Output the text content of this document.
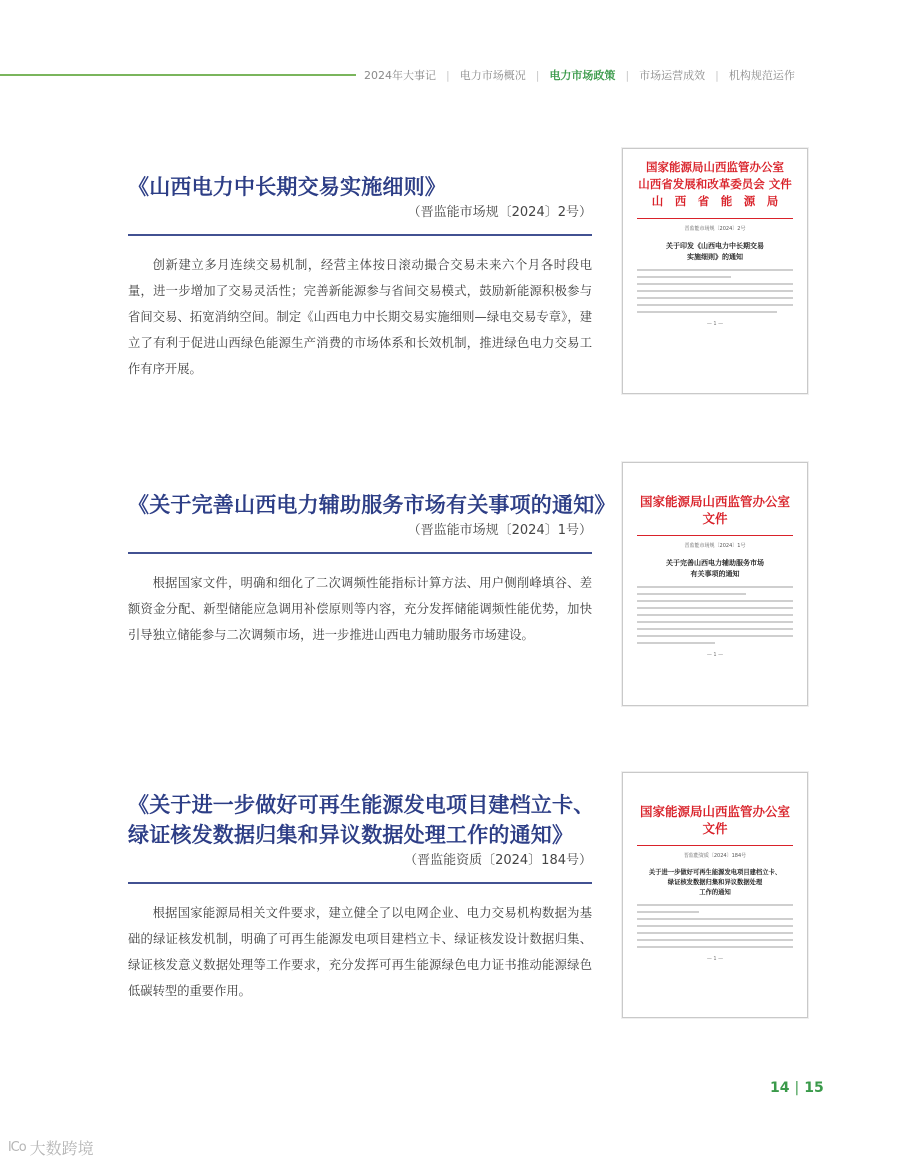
2024年大事记 | 电力市场概况 | 电力市场政策 | 市场运营成效 | 机构规范运作
《山西电力中长期交易实施细则》
（晋监能市场规〔2024〕2号）

创新建立多月连续交易机制，经营主体按日滚动撮合交易未来六个月各时段电量，进一步增加了交易灵活性；完善新能源参与省间交易模式，鼓励新能源积极参与省间交易、拓宽消纳空间。制定《山西电力中长期交易实施细则—绿电交易专章》，建立了有利于促进山西绿色能源生产消费的市场体系和长效机制，推进绿色电力交易工作有序开展。

《关于完善山西电力辅助服务市场有关事项的通知》
（晋监能市场规〔2024〕1号）

根据国家文件，明确和细化了二次调频性能指标计算方法、用户侧削峰填谷、差额资金分配、新型储能应急调用补偿原则等内容，充分发挥储能调频性能优势，加快引导独立储能参与二次调频市场，进一步推进山西电力辅助服务市场建设。

《关于进一步做好可再生能源发电项目建档立卡、
绿证核发数据归集和异议数据处理工作的通知》
（晋监能资质〔2024〕184号）

根据国家能源局相关文件要求，建立健全了以电网企业、电力交易机构数据为基础的绿证核发机制，明确了可再生能源发电项目建档立卡、绿证核发设计数据归集、绿证核发意义数据处理等工作要求，充分发挥可再生能源绿色电力证书推动能源绿色低碳转型的重要作用。

国家能源局山西监管办公室
山西省发展和改革委员会 文件
山　西　省　能　源　局
晋监能市场规〔2024〕2号
关于印发《山西电力中长期交易
实施细则》的通知
— 1 —
国家能源局山西监管办公室文件
晋监能市场规〔2024〕1号
关于完善山西电力辅助服务市场
有关事项的通知
— 1 —
国家能源局山西监管办公室文件
晋监能资质〔2024〕184号
关于进一步做好可再生能源发电项目建档立卡、
绿证核发数据归集和异议数据处理
工作的通知
— 1 —
14 | 15
lCo 大数跨境
